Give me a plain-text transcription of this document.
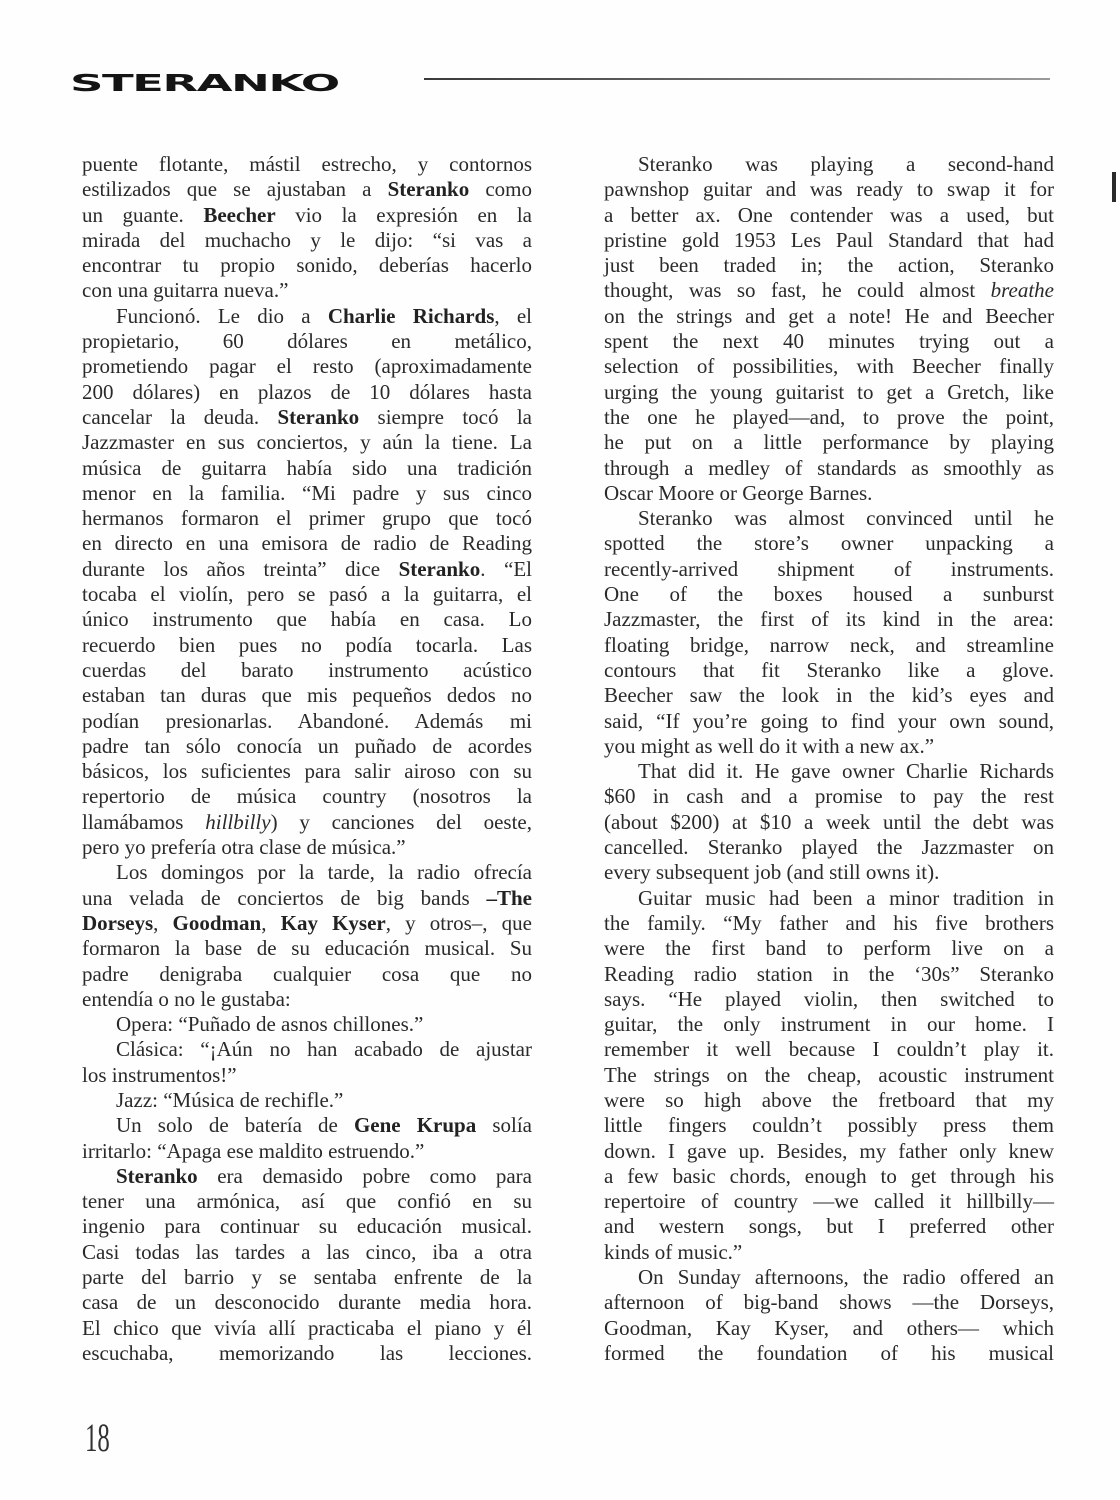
STERANKO
puente flotante, mástil estrecho, y contornos
estilizados que se ajustaban a Steranko como
un guante. Beecher vio la expresión en la
mirada del muchacho y le dijo: “si vas a
encontrar tu propio sonido, deberías hacerlo
con una guitarra nueva.”
Funcionó. Le dio a Charlie Richards, el
propietario, 60 dólares en metálico,
prometiendo pagar el resto (aproximadamente
200 dólares) en plazos de 10 dólares hasta
cancelar la deuda. Steranko siempre tocó la
Jazzmaster en sus conciertos, y aún la tiene. La
música de guitarra había sido una tradición
menor en la familia. “Mi padre y sus cinco
hermanos formaron el primer grupo que tocó
en directo en una emisora de radio de Reading
durante los años treinta” dice Steranko. “El
tocaba el violín, pero se pasó a la guitarra, el
único instrumento que había en casa. Lo
recuerdo bien pues no podía tocarla. Las
cuerdas del barato instrumento acústico
estaban tan duras que mis pequeños dedos no
podían presionarlas. Abandoné. Además mi
padre tan sólo conocía un puñado de acordes
básicos, los suficientes para salir airoso con su
repertorio de música country (nosotros la
llamábamos hillbilly) y canciones del oeste,
pero yo prefería otra clase de música.”
Los domingos por la tarde, la radio ofrecía
una velada de conciertos de big bands –The
Dorseys, Goodman, Kay Kyser, y otros–, que
formaron la base de su educación musical. Su
padre denigraba cualquier cosa que no
entendía o no le gustaba:
Opera: “Puñado de asnos chillones.”
Clásica: “¡Aún no han acabado de ajustar
los instrumentos!”
Jazz: “Música de rechifle.”
Un solo de batería de Gene Krupa solía
irritarlo: “Apaga ese maldito estruendo.”
Steranko era demasido pobre como para
tener una armónica, así que confió en su
ingenio para continuar su educación musical.
Casi todas las tardes a las cinco, iba a otra
parte del barrio y se sentaba enfrente de la
casa de un desconocido durante media hora.
El chico que vivía allí practicaba el piano y él
escuchaba, memorizando las lecciones.
Steranko was playing a second-hand
pawnshop guitar and was ready to swap it for
a better ax. One contender was a used, but
pristine gold 1953 Les Paul Standard that had
just been traded in; the action, Steranko
thought, was so fast, he could almost breathe
on the strings and get a note! He and Beecher
spent the next 40 minutes trying out a
selection of possibilities, with Beecher finally
urging the young guitarist to get a Gretch, like
the one he played—and, to prove the point,
he put on a little performance by playing
through a medley of standards as smoothly as
Oscar Moore or George Barnes.
Steranko was almost convinced until he
spotted the store’s owner unpacking a
recently-arrived shipment of instruments.
One of the boxes housed a sunburst
Jazzmaster, the first of its kind in the area:
floating bridge, narrow neck, and streamline
contours that fit Steranko like a glove.
Beecher saw the look in the kid’s eyes and
said, “If you’re going to find your own sound,
you might as well do it with a new ax.”
That did it. He gave owner Charlie Richards
$60 in cash and a promise to pay the rest
(about $200) at $10 a week until the debt was
cancelled. Steranko played the Jazzmaster on
every subsequent job (and still owns it).
Guitar music had been a minor tradition in
the family. “My father and his five brothers
were the first band to perform live on a
Reading radio station in the ‘30s” Steranko
says. “He played violin, then switched to
guitar, the only instrument in our home. I
remember it well because I couldn’t play it.
The strings on the cheap, acoustic instrument
were so high above the fretboard that my
little fingers couldn’t possibly press them
down. I gave up. Besides, my father only knew
a few basic chords, enough to get through his
repertoire of country —we called it hillbilly—
and western songs, but I preferred other
kinds of music.”
On Sunday afternoons, the radio offered an
afternoon of big-band shows —the Dorseys,
Goodman, Kay Kyser, and others— which
formed the foundation of his musical
18
